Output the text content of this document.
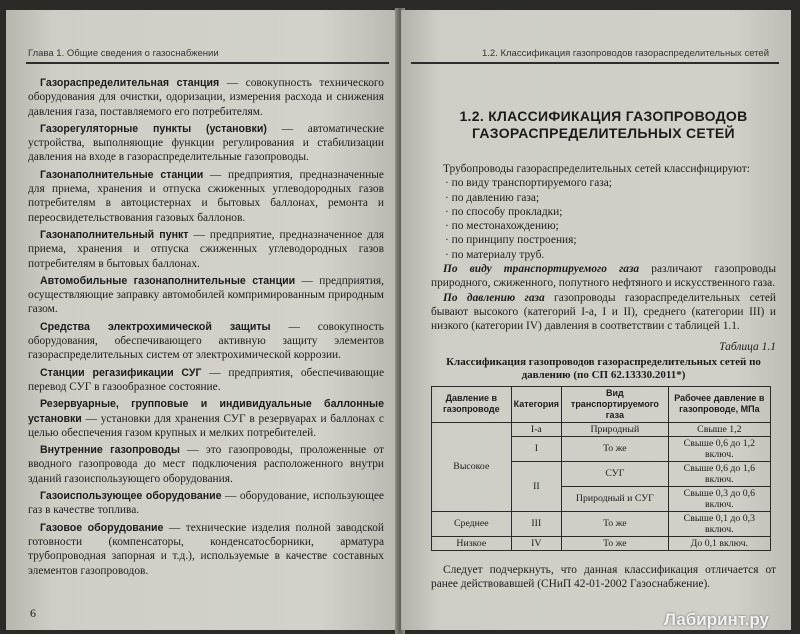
Глава 1. Общие сведения о газоснабжении

Газораспределительная станция — совокупность технического оборудования для очистки, одоризации, измерения расхода и снижения давления газа, поставляемого его потребителям.

Газорегуляторные пункты (установки) — автоматические устройства, выполняющие функции регулирования и стабилизации давления на входе в газораспределительные газопроводы.

Газонаполнительные станции — предприятия, предназначенные для приема, хранения и отпуска сжиженных углеводородных газов потребителям в автоцистернах и бытовых баллонах, ремонта и переосвидетельствования газовых баллонов.

Газонаполнительный пункт — предприятие, предназначенное для приема, хранения и отпуска сжиженных углеводородных газов потребителям в бытовых баллонах.

Автомобильные газонаполнительные станции — предприятия, осуществляющие заправку автомобилей компримированным природным газом.

Средства электрохимической защиты — совокупность оборудования, обеспечивающего активную защиту элементов газораспределительных систем от электрохимической коррозии.

Станции регазификации СУГ — предприятия, обеспечивающие перевод СУГ в газообразное состояние.

Резервуарные, групповые и индивидуальные баллонные установки — установки для хранения СУГ в резервуарах и баллонах с целью обеспечения газом крупных и мелких потребителей.

Внутренние газопроводы — это газопроводы, проложенные от вводного газопровода до мест подключения расположенного внутри зданий газоиспользующего оборудования.

Газоиспользующее оборудование — оборудование, использующее газ в качестве топлива.

Газовое оборудование — технические изделия полной заводской готовности (компенсаторы, конденсатосборники, арматура трубопроводная запорная и т.д.), используемые в качестве составных элементов газопроводов.

6
1.2. Классификация газопроводов газораспределительных сетей
1.2. КЛАССИФИКАЦИЯ ГАЗОПРОВОДОВ ГАЗОРАСПРЕДЕЛИТЕЛЬНЫХ СЕТЕЙ

Трубопроводы газораспределительных сетей классифицируют:

· по виду транспортируемого газа;
· по давлению газа;
· по способу прокладки;
· по местонахождению;
· по принципу построения;
· по материалу труб.

По виду транспортируемого газа различают газопроводы природного, сжиженного, попутного нефтяного и искусственного газа.

По давлению газа газопроводы газораспределительных сетей бывают высокого (категорий I-a, I и II), среднего (категории III) и низкого (категории IV) давления в соответствии с таблицей 1.1.

Таблица 1.1
Классификация газопроводов газораспределительных сетей по давлению (по СП 62.13330.2011*)
Давление в газопроводе	Категория	Вид транспортируемого газа	Рабочее давление в газопроводе, МПа
Высокое	I-a	Природный	Свыше 1,2
	I	То же	Свыше 0,6 до 1,2 включ.
	II	СУГ	Свыше 0,6 до 1,6 включ.
		Природный и СУГ	Свыше 0,3 до 0,6 включ.
Среднее	III	То же	Свыше 0,1 до 0,3 включ.
Низкое	IV	То же	До 0,1 включ.

Следует подчеркнуть, что данная классификация отличается от ранее действовавшей (СНиП 42-01-2002 Газоснабжение).

Лабиринт.ру
